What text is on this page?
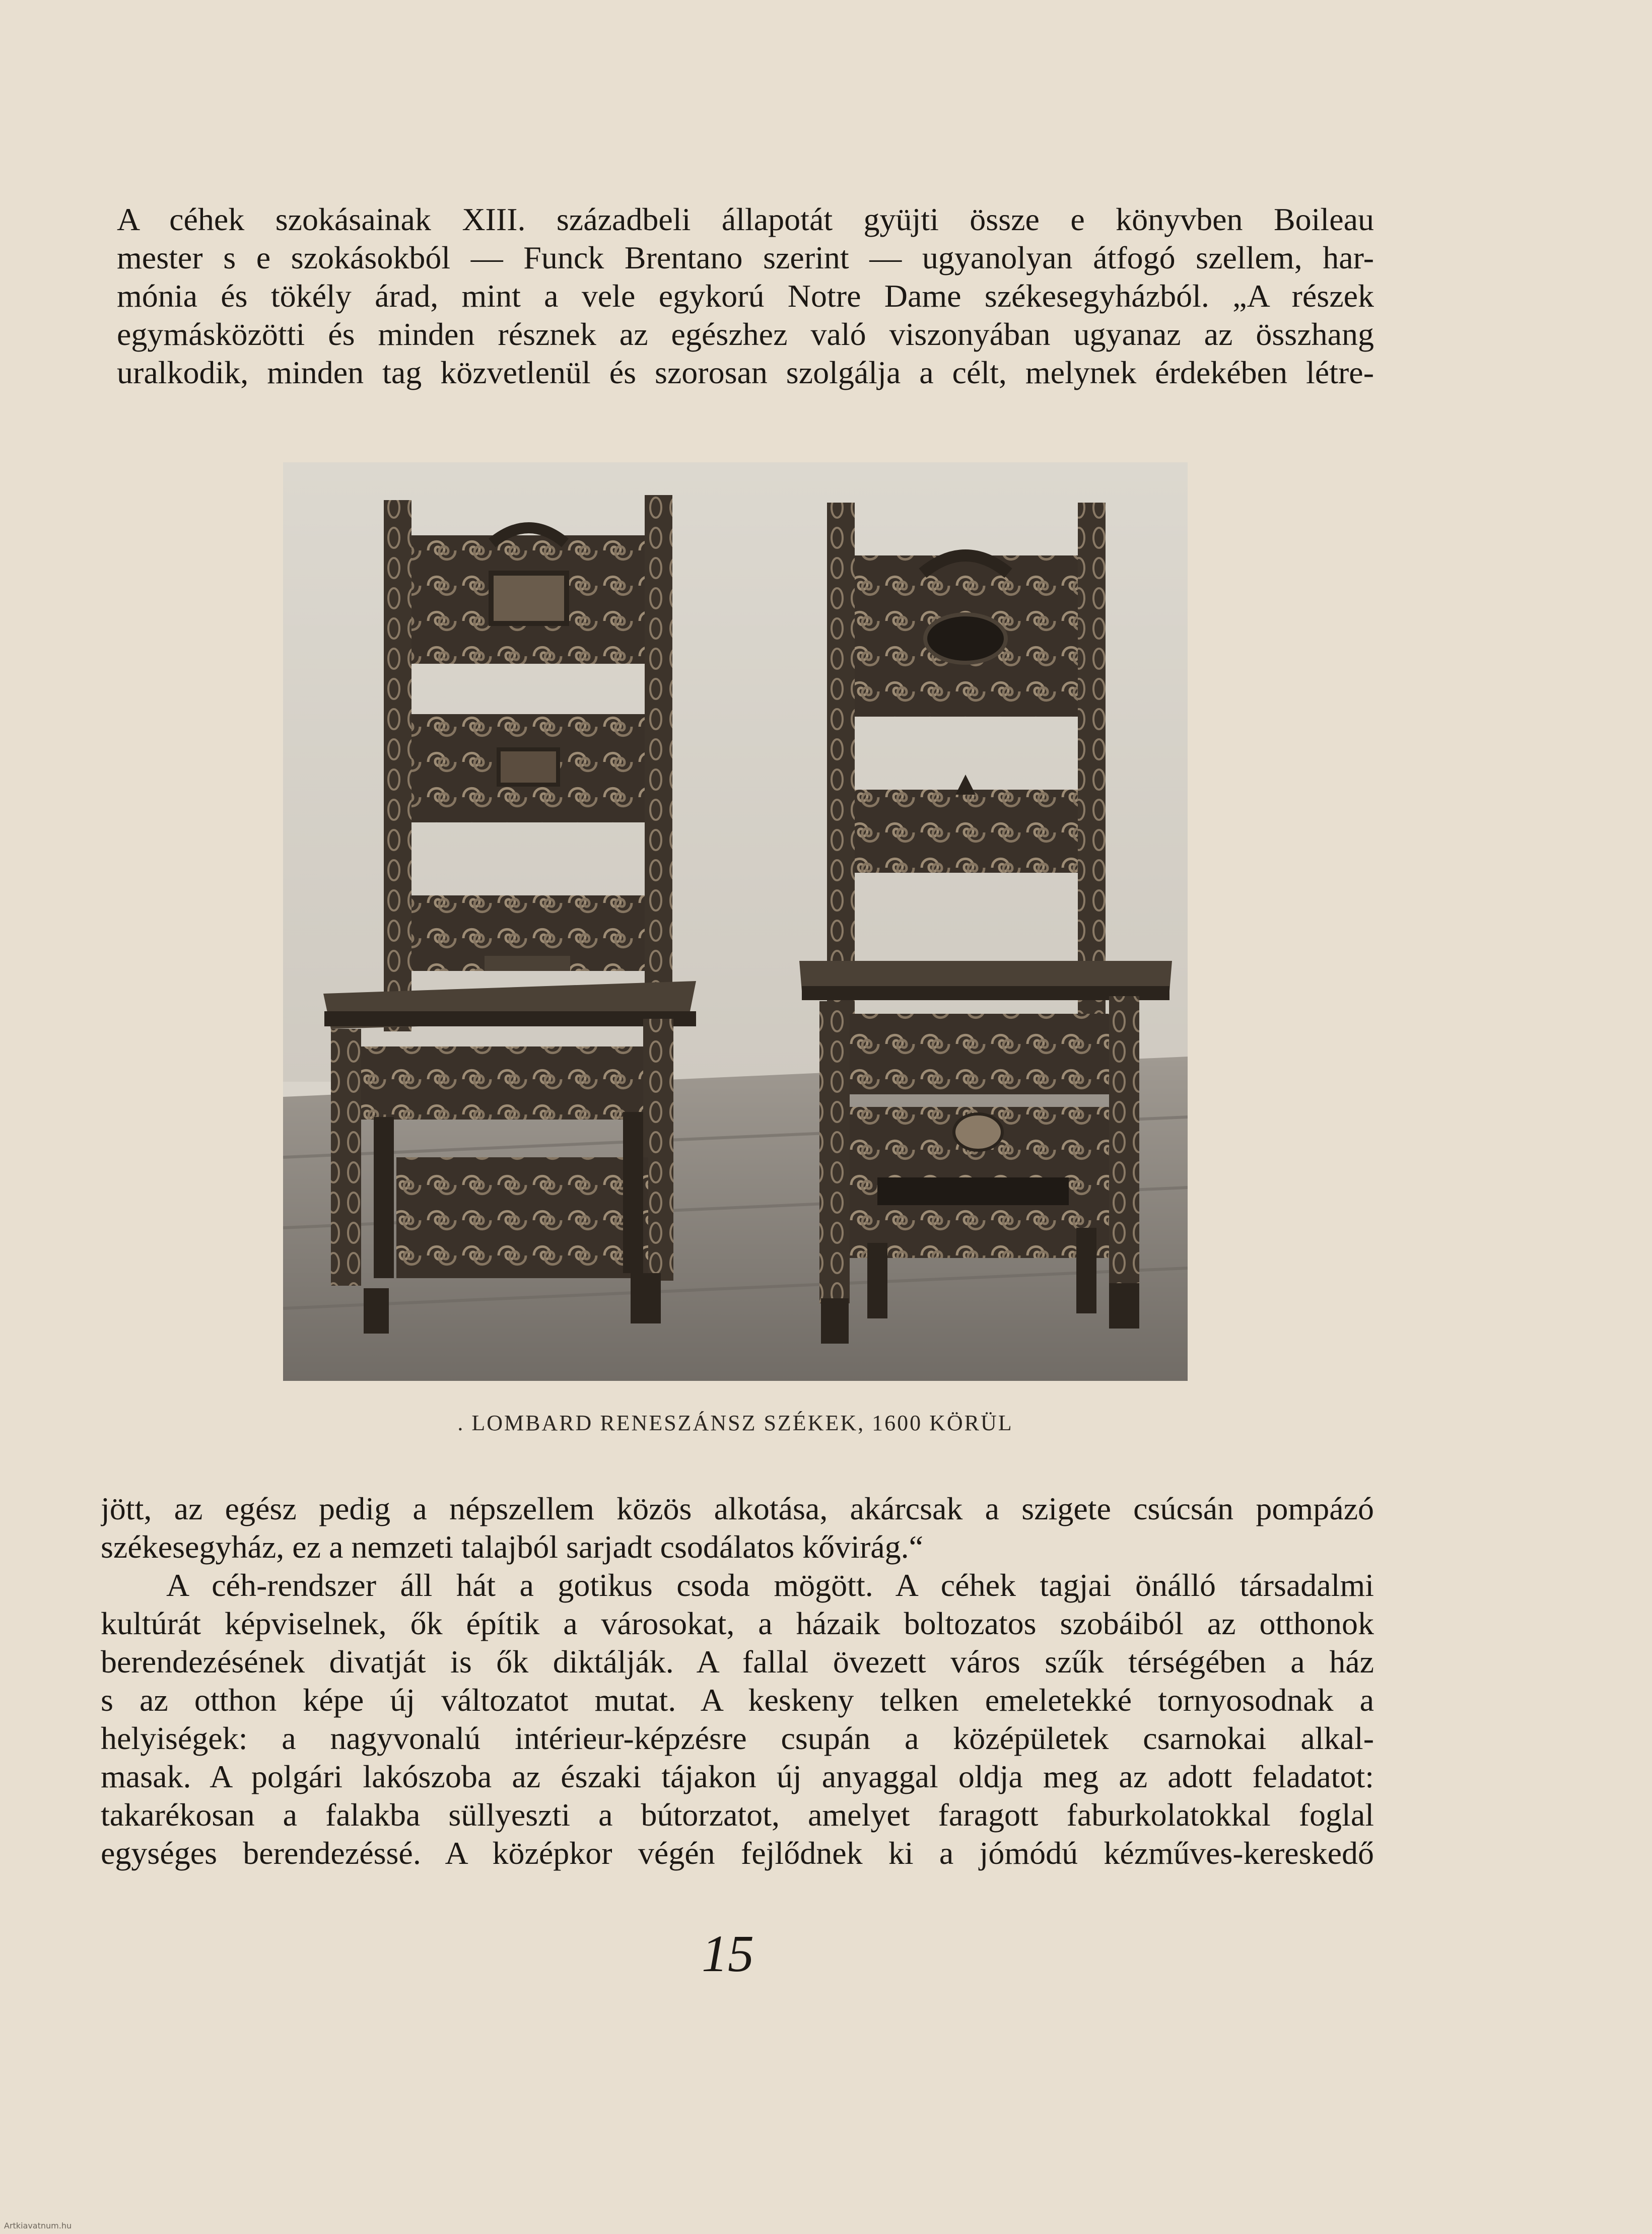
A céhek szokásainak XIII. századbeli állapotát gyüjti össze e könyvben Boileau
mester s e szokásokból — Funck Brentano szerint — ugyanolyan átfogó szellem, har-
mónia és tökély árad, mint a vele egykorú Notre Dame székesegyházból. „A részek
egymásközötti és minden résznek az egészhez való viszonyában ugyanaz az összhang
uralkodik, minden tag közvetlenül és szorosan szolgálja a célt, melynek érdekében létre-
. LOMBARD RENESZÁNSZ SZÉKEK, 1600 KÖRÜL
jött, az egész pedig a népszellem közös alkotása, akárcsak a szigete csúcsán pompázó
székesegyház, ez a nemzeti talajból sarjadt csodálatos kővirág.“
A céh-rendszer áll hát a gotikus csoda mögött. A céhek tagjai önálló társadalmi
kultúrát képviselnek, ők építik a városokat, a házaik boltozatos szobáiból az otthonok
berendezésének divatját is ők diktálják. A fallal övezett város szűk térségében a ház
s az otthon képe új változatot mutat. A keskeny telken emeletekké tornyosodnak a
helyiségek: a nagyvonalú intérieur-képzésre csupán a középületek csarnokai alkal-
masak. A polgári lakószoba az északi tájakon új anyaggal oldja meg az adott feladatot:
takarékosan a falakba süllyeszti a bútorzatot, amelyet faragott faburkolatokkal foglal
egységes berendezéssé. A középkor végén fejlődnek ki a jómódú kézműves-kereskedő
15
Artkiavatnum.hu
